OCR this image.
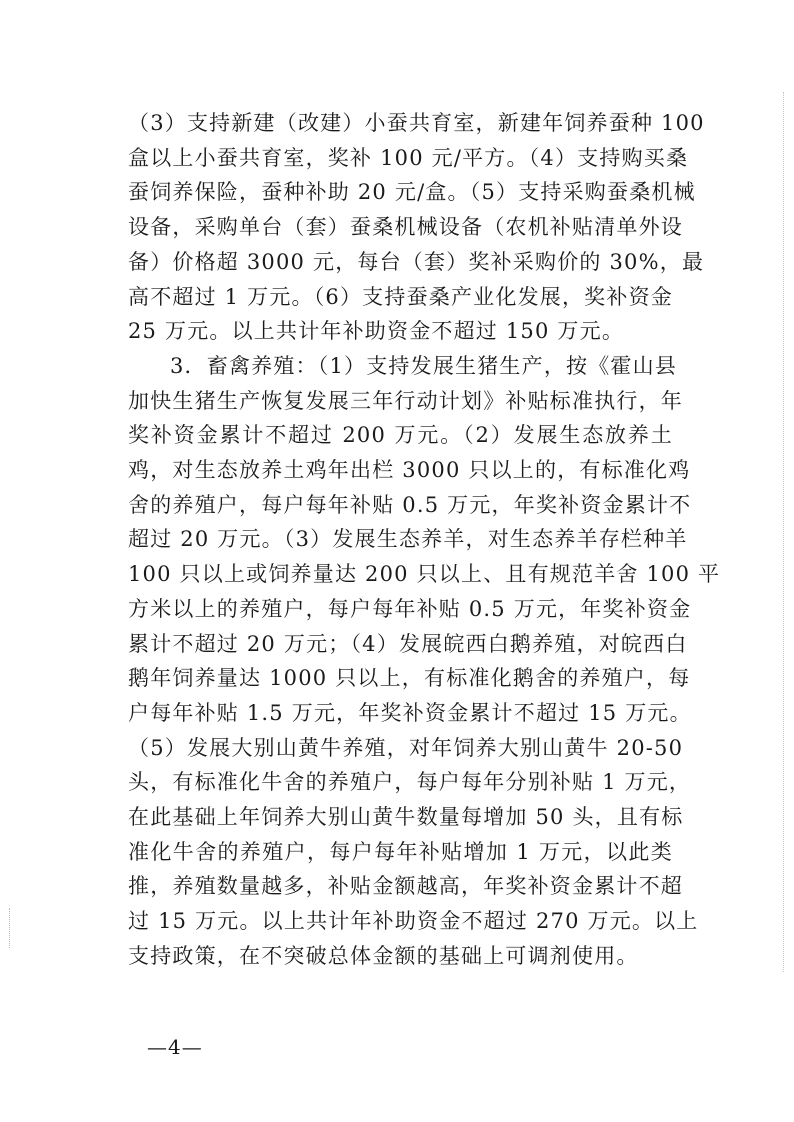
（3）支持新建（改建）小蚕共育室，新建年饲养蚕种 100
盒以上小蚕共育室，奖补 100 元/平方。（4）支持购买桑
蚕饲养保险，蚕种补助 20 元/盒。（5）支持采购蚕桑机械
设备，采购单台（套）蚕桑机械设备（农机补贴清单外设
备）价格超 3000 元，每台（套）奖补采购价的 30%，最
高不超过 1 万元。（6）支持蚕桑产业化发展，奖补资金
25 万元。以上共计年补助资金不超过 150 万元。
3．畜禽养殖：（1）支持发展生猪生产，按《霍山县
加快生猪生产恢复发展三年行动计划》补贴标准执行，年
奖补资金累计不超过 200 万元。（2）发展生态放养土
鸡，对生态放养土鸡年出栏 3000 只以上的，有标准化鸡
舍的养殖户，每户每年补贴 0.5 万元，年奖补资金累计不
超过 20 万元。（3）发展生态养羊，对生态养羊存栏种羊
100 只以上或饲养量达 200 只以上、且有规范羊舍 100 平
方米以上的养殖户，每户每年补贴 0.5 万元，年奖补资金
累计不超过 20 万元；（4）发展皖西白鹅养殖，对皖西白
鹅年饲养量达 1000 只以上，有标准化鹅舍的养殖户，每
户每年补贴 1.5 万元，年奖补资金累计不超过 15 万元。
（5）发展大别山黄牛养殖，对年饲养大别山黄牛 20-50
头，有标准化牛舍的养殖户，每户每年分别补贴 1 万元，
在此基础上年饲养大别山黄牛数量每增加 50 头，且有标
准化牛舍的养殖户，每户每年补贴增加 1 万元，以此类
推，养殖数量越多，补贴金额越高，年奖补资金累计不超
过 15 万元。以上共计年补助资金不超过 270 万元。以上
支持政策，在不突破总体金额的基础上可调剂使用。
—4—
